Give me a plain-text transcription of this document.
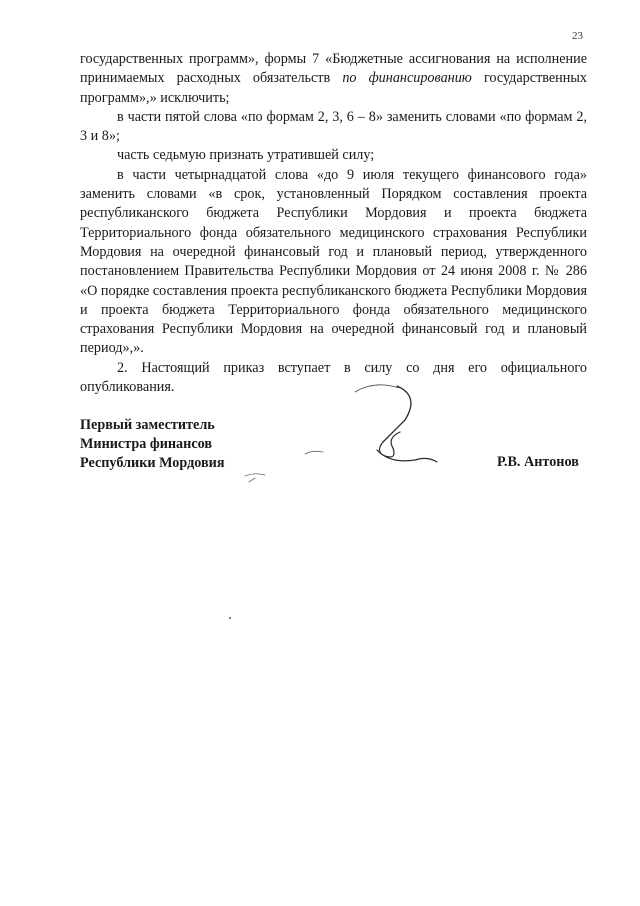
23

государственных программ», формы 7 «Бюджетные ассигнования на исполнение принимаемых расходных обязательств по финансированию государственных программ»,» исключить;

в части пятой слова «по формам 2, 3, 6 – 8» заменить словами «по формам 2, 3 и 8»;

часть седьмую признать утратившей силу;

в части четырнадцатой слова «до 9 июля текущего финансового года» заменить словами «в срок, установленный Порядком составления проекта республиканского бюджета Республики Мордовия и проекта бюджета Территориального фонда обязательного медицинского страхования Республики Мордовия на очередной финансовый год и плановый период, утвержденного постановлением Правительства Республики Мордовия от 24 июня 2008 г. № 286 «О порядке составления проекта республиканского бюджета Республики Мордовия и проекта бюджета Территориального фонда обязательного медицинского страхования Республики Мордовия на очередной финансовый год и плановый период»,».

2. Настоящий приказ вступает в силу со дня его официального опубликования.

Первый заместитель
Министра финансов
Республики Мордовия	Р.В. Антонов
